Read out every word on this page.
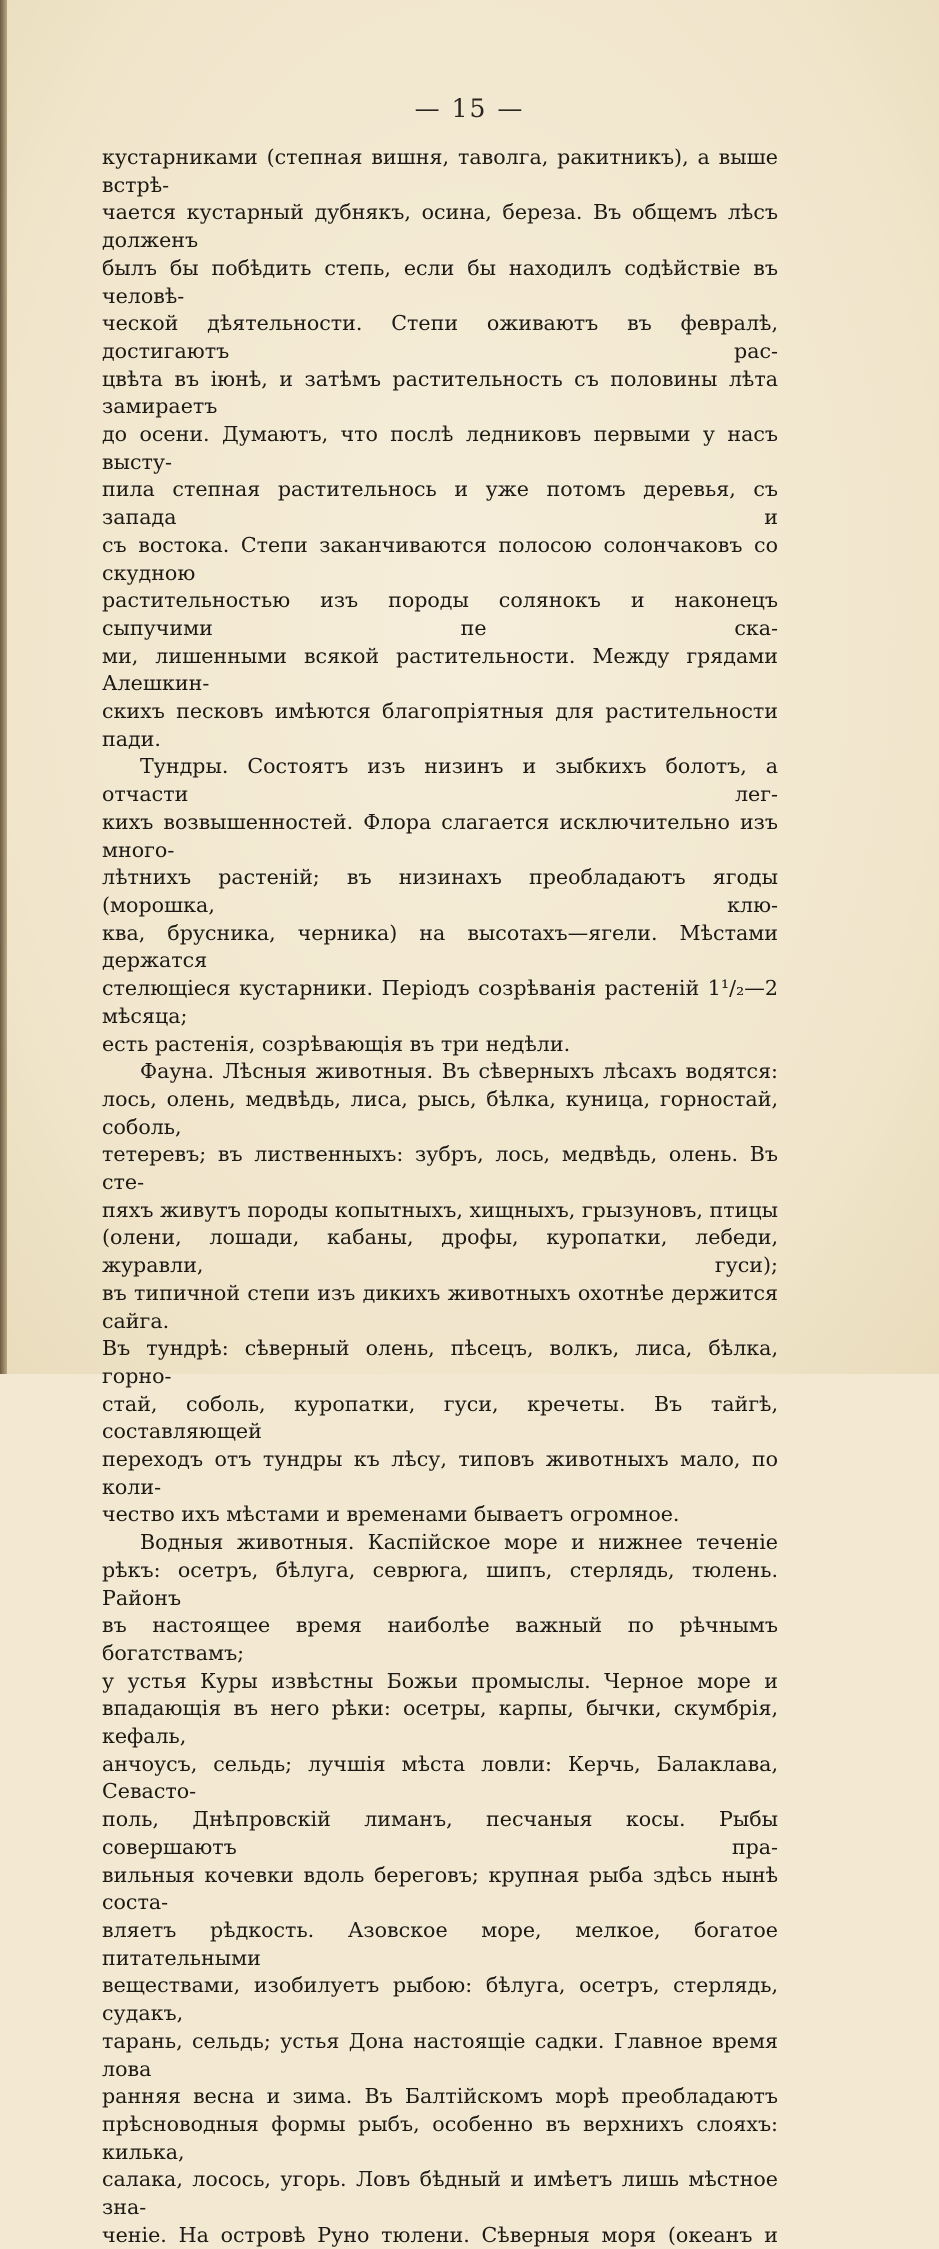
— 15 —

кустарниками (степная вишня, таволга, ракитникъ), а выше встрѣ-

чается кустарный дубнякъ, осина, береза. Въ общемъ лѣсъ долженъ

былъ бы побѣдить степь, если бы находилъ содѣйствіе въ человѣ-

ческой дѣятельности. Степи оживаютъ въ февралѣ, достигаютъ рас-

цвѣта въ іюнѣ, и затѣмъ растительность съ половины лѣта замираетъ

до осени. Думаютъ, что послѣ ледниковъ первыми у насъ высту-

пила степная растительнось и уже потомъ деревья, съ запада и

съ востока. Степи заканчиваются полосою солончаковъ со скудною

растительностью изъ породы солянокъ и наконецъ сыпучими пе ска-

ми, лишенными всякой растительности. Между грядами Алешкин-

скихъ песковъ имѣются благопріятныя для растительности пади.

Тундры. Состоятъ изъ низинъ и зыбкихъ болотъ, а отчасти лег-

кихъ возвышенностей. Флора слагается исключительно изъ много-

лѣтнихъ растеній; въ низинахъ преобладаютъ ягоды (морошка, клю-

ква, брусника, черника) на высотахъ—ягели. Мѣстами держатся

стелющіеся кустарники. Періодъ созрѣванія растеній 1¹/₂—2 мѣсяца;

есть растенія, созрѣвающія въ три недѣли.

Фауна. Лѣсныя животныя. Въ сѣверныхъ лѣсахъ водятся:

лось, олень, медвѣдь, лиса, рысь, бѣлка, куница, горностай, соболь,

тетеревъ; въ лиственныхъ: зубръ, лось, медвѣдь, олень. Въ сте-

пяхъ живутъ породы копытныхъ, хищныхъ, грызуновъ, птицы

(олени, лошади, кабаны, дрофы, куропатки, лебеди, журавли, гуси);

въ типичной степи изъ дикихъ животныхъ охотнѣе держится сайга.

Въ тундрѣ: сѣверный олень, пѣсецъ, волкъ, лиса, бѣлка, горно-

стай, соболь, куропатки, гуси, кречеты. Въ тайгѣ, составляющей

переходъ отъ тундры къ лѣсу, типовъ животныхъ мало, по коли-

чество ихъ мѣстами и временами бываетъ огромное.

Водныя животныя. Каспійское море и нижнее теченіе

рѣкъ: осетръ, бѣлуга, севрюга, шипъ, стерлядь, тюлень. Районъ

въ настоящее время наиболѣе важный по рѣчнымъ богатствамъ;

у устья Куры извѣстны Божьи промыслы. Черное море и

впадающія въ него рѣки: осетры, карпы, бычки, скумбрія, кефаль,

анчоусъ, сельдь; лучшія мѣста ловли: Керчь, Балаклава, Севасто-

поль, Днѣпровскій лиманъ, песчаныя косы. Рыбы совершаютъ пра-

вильныя кочевки вдоль береговъ; крупная рыба здѣсь нынѣ соста-

вляетъ рѣдкость. Азовское море, мелкое, богатое питательными

веществами, изобилуетъ рыбою: бѣлуга, осетръ, стерлядь, судакъ,

тарань, сельдь; устья Дона настоящіе садки. Главное время лова

ранняя весна и зима. Въ Балтійскомъ морѣ преобладаютъ

прѣсноводныя формы рыбъ, особенно въ верхнихъ слояхъ: килька,

салака, лосось, угорь. Ловъ бѣдный и имѣетъ лишь мѣстное зна-

ченіе. На островѣ Руно тюлени. Сѣверныя моря (океанъ и
